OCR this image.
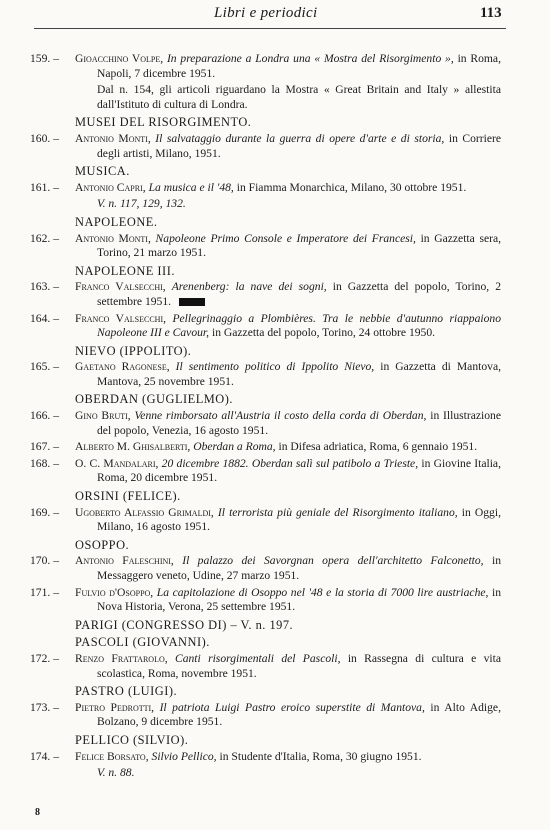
Libri e periodici	113
159. –	Gioacchino Volpe, In preparazione a Londra una « Mostra del Risorgimento », in Roma, Napoli, 7 dicembre 1951.
Dal n. 154, gli articoli riguardano la Mostra « Great Britain and Italy » allestita dall'Istituto di cultura di Londra.
MUSEI DEL RISORGIMENTO.
160. –	Antonio Monti, Il salvataggio durante la guerra di opere d'arte e di storia, in Corriere degli artisti, Milano, 1951.
MUSICA.
161. –	Antonio Capri, La musica e il '48, in Fiamma Monarchica, Milano, 30 ottobre 1951.
V. n. 117, 129, 132.
NAPOLEONE.
162. –	Antonio Monti, Napoleone Primo Console e Imperatore dei Francesi, in Gazzetta sera, Torino, 21 marzo 1951.
NAPOLEONE III.
163. –	Franco Valsecchi, Arenenberg: la nave dei sogni, in Gazzetta del popolo, Torino, 2 settembre 1951.
164. –	Franco Valsecchi, Pellegrinaggio a Plombières. Tra le nebbie d'autunno riappaiono Napoleone III e Cavour, in Gazzetta del popolo, Torino, 24 ottobre 1950.
NIEVO (IPPOLITO).
165. –	Gaetano Ragonese, Il sentimento politico di Ippolito Nievo, in Gazzetta di Mantova, Mantova, 25 novembre 1951.
OBERDAN (GUGLIELMO).
166. –	Gino Bruti, Venne rimborsato all'Austria il costo della corda di Oberdan, in Illustrazione del popolo, Venezia, 16 agosto 1951.
167. –	Alberto M. Ghisalberti, Oberdan a Roma, in Difesa adriatica, Roma, 6 gennaio 1951.
168. –	O. C. Mandalari, 20 dicembre 1882. Oberdan salì sul patibolo a Trieste, in Giovine Italia, Roma, 20 dicembre 1951.
ORSINI (FELICE).
169. –	Ugoberto Alfassio Grimaldi, Il terrorista più geniale del Risorgimento italiano, in Oggi, Milano, 16 agosto 1951.
OSOPPO.
170. –	Antonio Faleschini, Il palazzo dei Savorgnan opera dell'architetto Falconetto, in Messaggero veneto, Udine, 27 marzo 1951.
171. –	Fulvio d'Osoppo, La capitolazione di Osoppo nel '48 e la storia di 7000 lire austriache, in Nova Historia, Verona, 25 settembre 1951.
PARIGI (CONGRESSO DI) – V. n. 197.
PASCOLI (GIOVANNI).
172. –	Renzo Frattarolo, Canti risorgimentali del Pascoli, in Rassegna di cultura e vita scolastica, Roma, novembre 1951.
PASTRO (LUIGI).
173. –	Pietro Pedrotti, Il patriota Luigi Pastro eroico superstite di Mantova, in Alto Adige, Bolzano, 9 dicembre 1951.
PELLICO (SILVIO).
174. –	Felice Borsato, Silvio Pellico, in Studente d'Italia, Roma, 30 giugno 1951.
V. n. 88.
8
